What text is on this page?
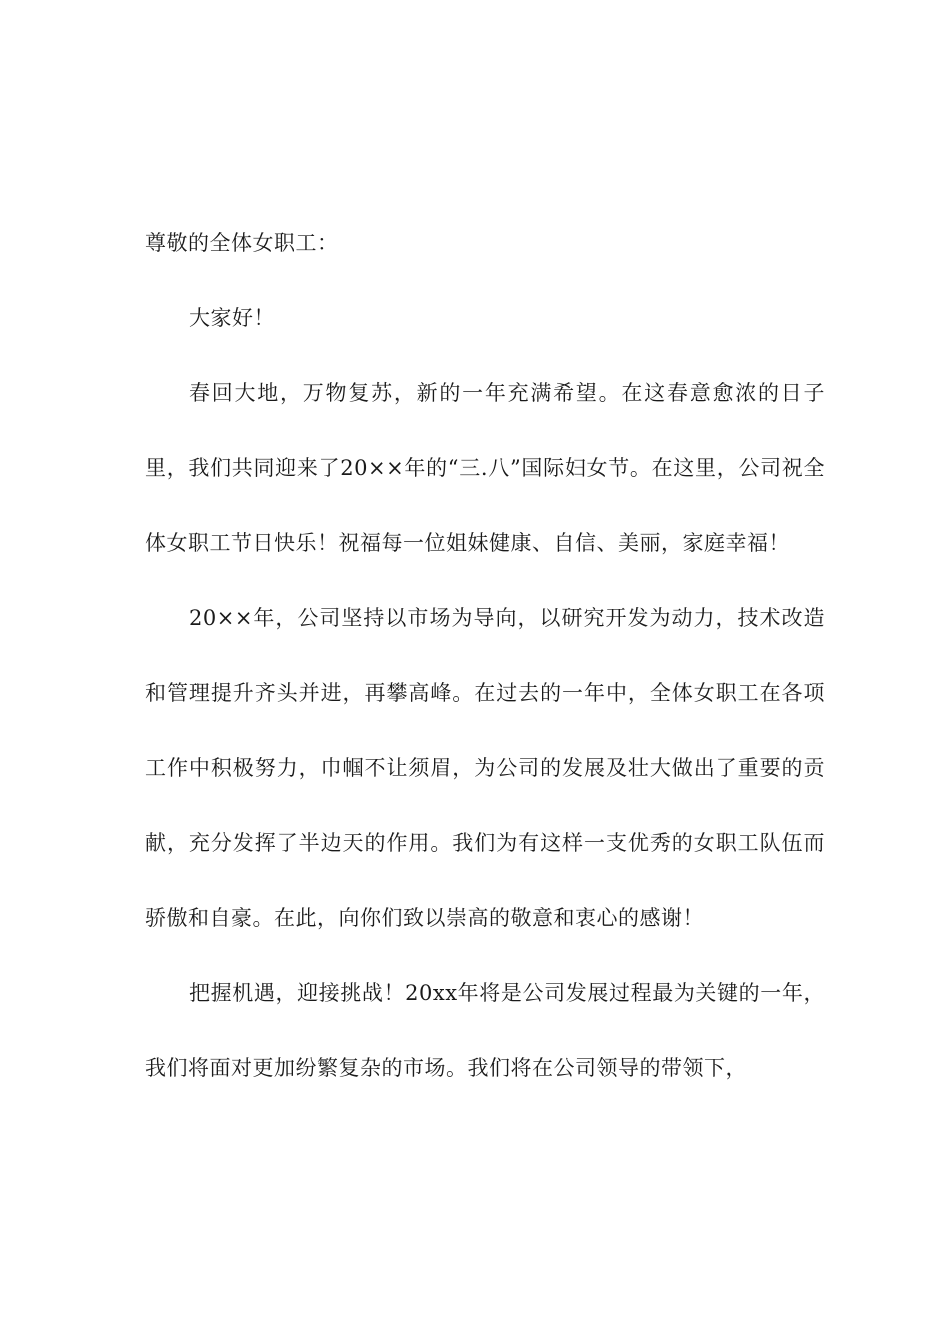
尊敬的全体女职工：

大家好！

春回大地，万物复苏，新的一年充满希望。在这春意愈浓的日子里，我们共同迎来了20××年的“三.八”国际妇女节。在这里，公司祝全体女职工节日快乐！祝福每一位姐妹健康、自信、美丽，家庭幸福！

20××年，公司坚持以市场为导向，以研究开发为动力，技术改造和管理提升齐头并进，再攀高峰。在过去的一年中，全体女职工在各项工作中积极努力，巾帼不让须眉，为公司的发展及壮大做出了重要的贡献，充分发挥了半边天的作用。我们为有这样一支优秀的女职工队伍而骄傲和自豪。在此，向你们致以崇高的敬意和衷心的感谢！

把握机遇，迎接挑战！20xx年将是公司发展过程最为关键的一年，我们将面对更加纷繁复杂的市场。我们将在公司领导的带领下，
